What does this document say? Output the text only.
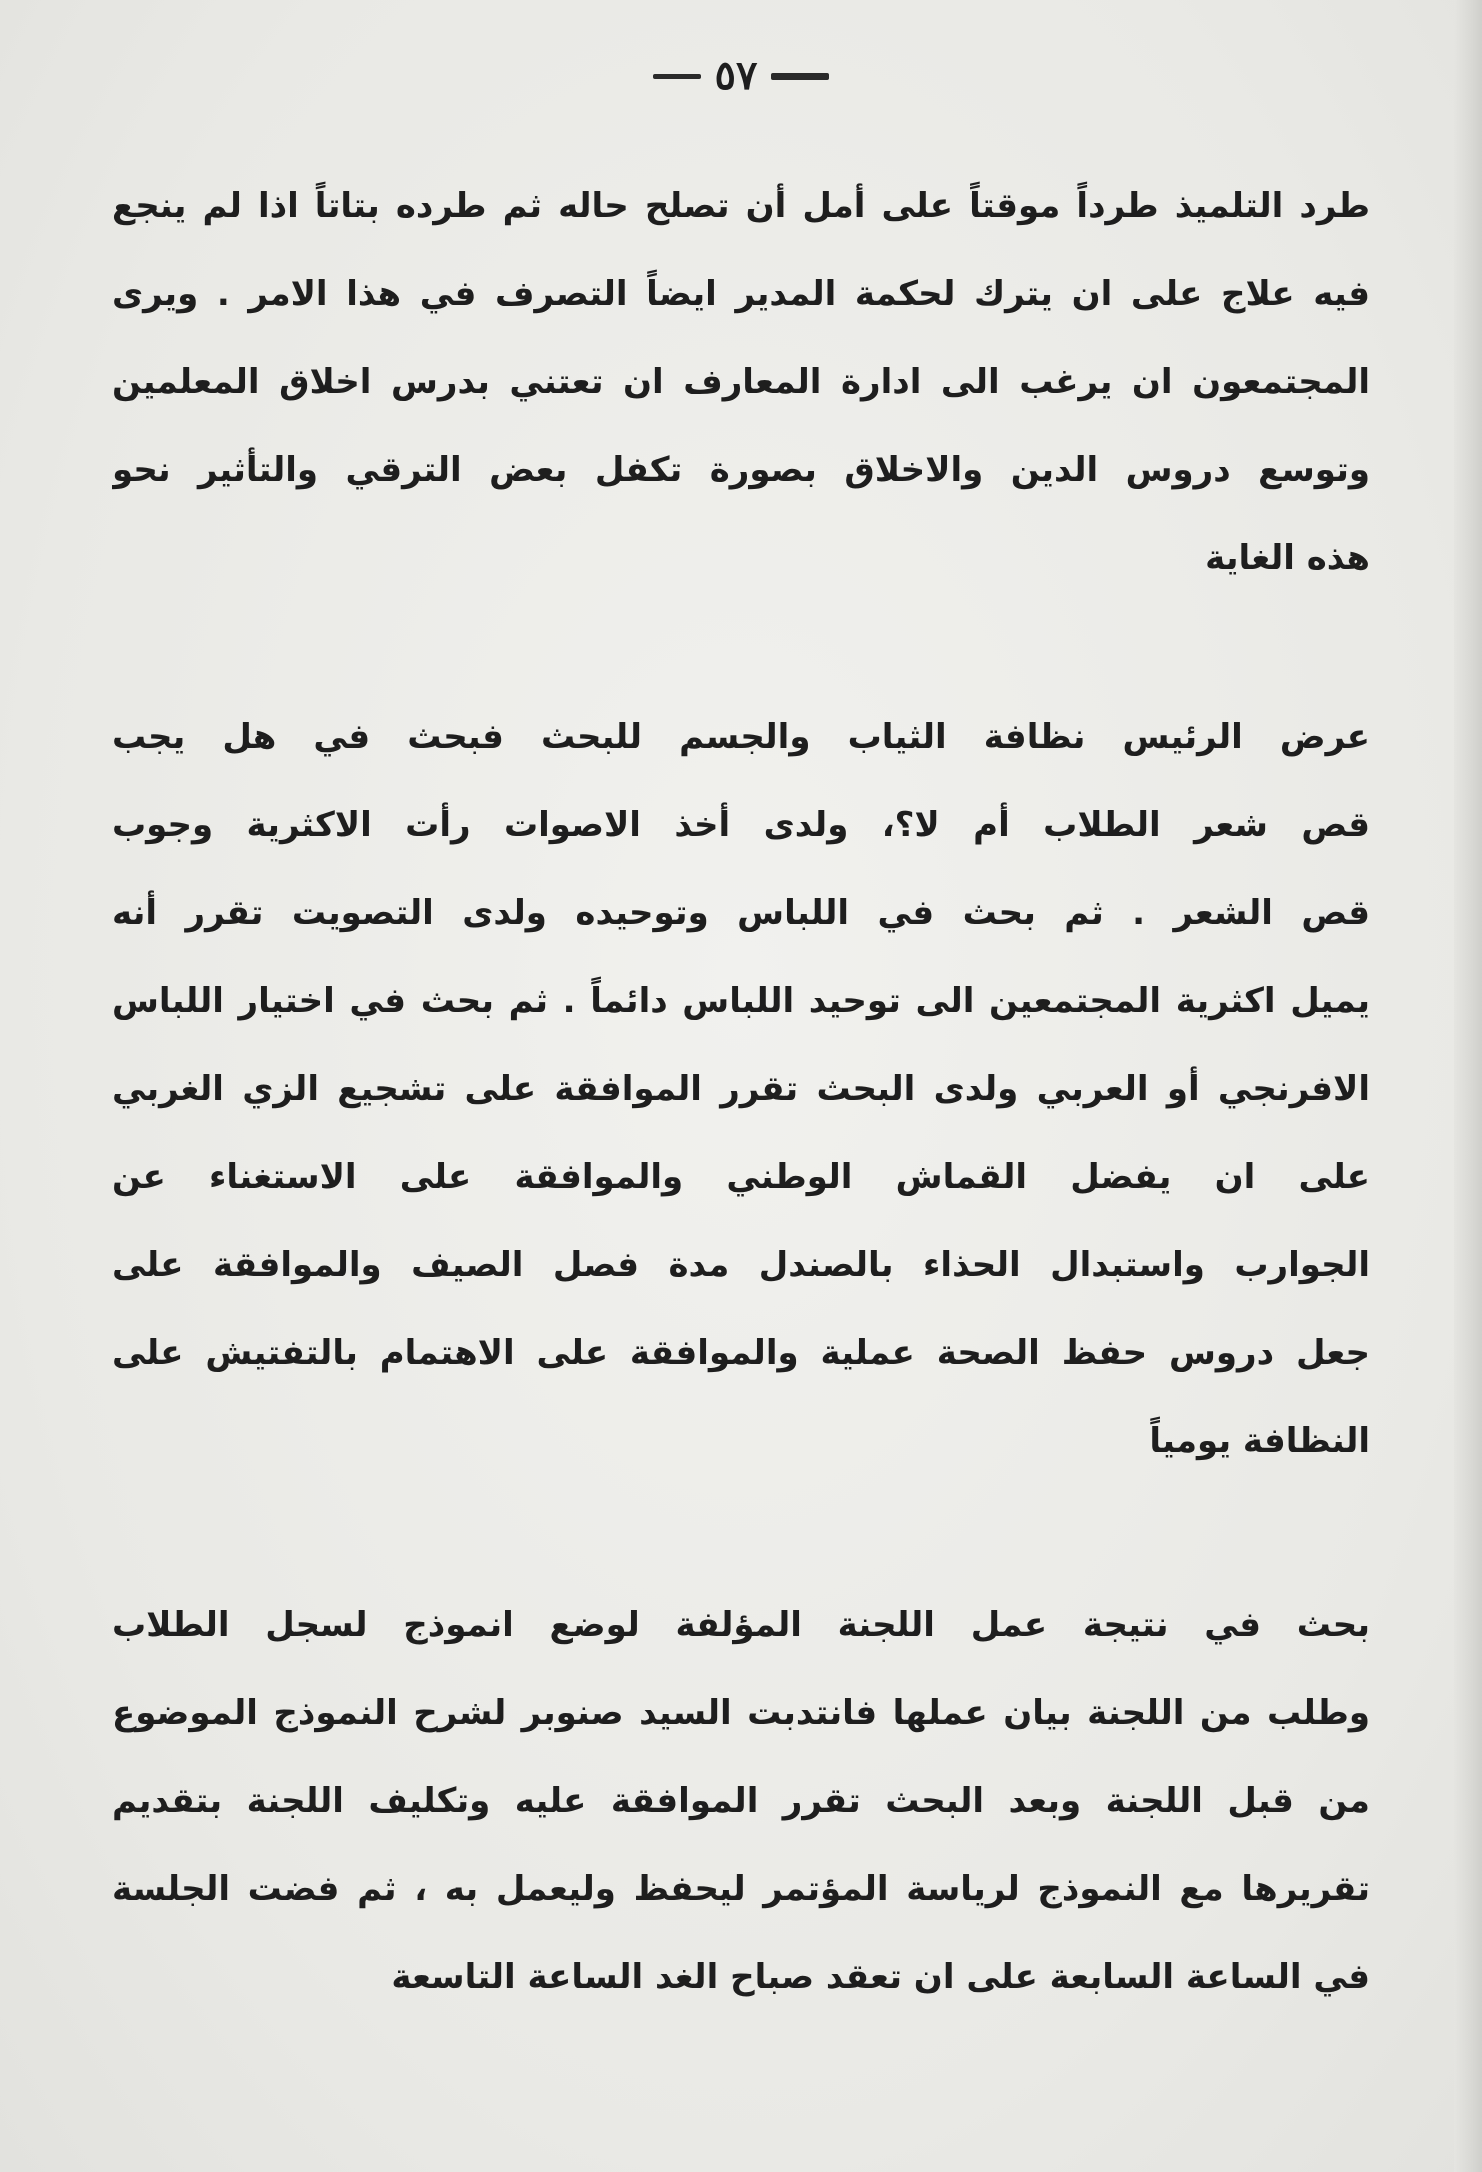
٥٧
طرد التلميذ طرداً موقتاً على أمل أن تصلح حاله ثم طرده بتاتاً اذا لم ينجع
فيه علاج على ان يترك لحكمة المدير ايضاً التصرف في هذا الامر . ويرى
المجتمعون ان يرغب الى ادارة المعارف ان تعتني بدرس اخلاق المعلمين
وتوسع دروس الدين والاخلاق بصورة تكفل بعض الترقي والتأثير نحو
هذه الغاية
عرض الرئيس نظافة الثياب والجسم للبحث فبحث في هل يجب
قص شعر الطلاب أم لا؟، ولدى أخذ الاصوات رأت الاكثرية وجوب
قص الشعر . ثم بحث في اللباس وتوحيده ولدى التصويت تقرر أنه
يميل اكثرية المجتمعين الى توحيد اللباس دائماً . ثم بحث في اختيار اللباس
الافرنجي أو العربي ولدى البحث تقرر الموافقة على تشجيع الزي الغربي
على ان يفضل القماش الوطني والموافقة على الاستغناء عن
الجوارب واستبدال الحذاء بالصندل مدة فصل الصيف والموافقة على
جعل دروس حفظ الصحة عملية والموافقة على الاهتمام بالتفتيش على
النظافة يومياً
بحث في نتيجة عمل اللجنة المؤلفة لوضع انموذج لسجل الطلاب
وطلب من اللجنة بيان عملها فانتدبت السيد صنوبر لشرح النموذج الموضوع
من قبل اللجنة وبعد البحث تقرر الموافقة عليه وتكليف اللجنة بتقديم
تقريرها مع النموذج لرياسة المؤتمر ليحفظ وليعمل به ، ثم فضت الجلسة
في الساعة السابعة على ان تعقد صباح الغد الساعة التاسعة
